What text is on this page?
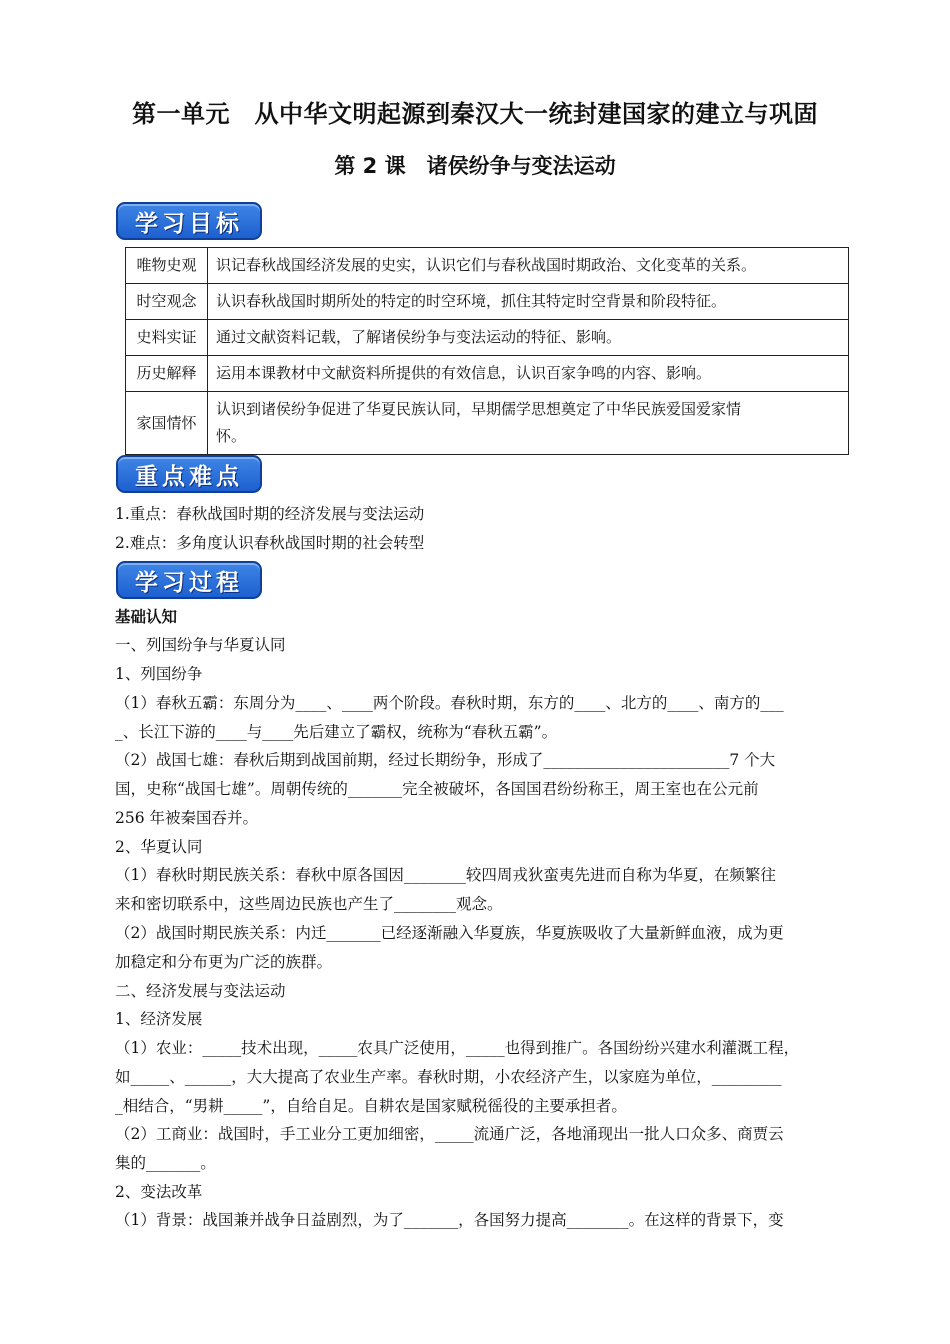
第一单元　从中华文明起源到秦汉大一统封建国家的建立与巩固
第 2 课　诸侯纷争与变法运动
学习目标
唯物史观	识记春秋战国经济发展的史实，认识它们与春秋战国时期政治、文化变革的关系。
时空观念	认识春秋战国时期所处的特定的时空环境，抓住其特定时空背景和阶段特征。
史料实证	通过文献资料记载，了解诸侯纷争与变法运动的特征、影响。
历史解释	运用本课教材中文献资料所提供的有效信息，认识百家争鸣的内容、影响。
家国情怀	认识到诸侯纷争促进了华夏民族认同，早期儒学思想奠定了中华民族爱国爱家情
怀。
重点难点
1.重点：春秋战国时期的经济发展与变法运动
2.难点：多角度认识春秋战国时期的社会转型
学习过程
基础认知
一、列国纷争与华夏认同
1、列国纷争
（1）春秋五霸：东周分为____、____两个阶段。春秋时期，东方的____、北方的____、南方的___
_、长江下游的____与____先后建立了霸权，统称为“春秋五霸”。
（2）战国七雄：春秋后期到战国前期，经过长期纷争，形成了________________________7 个大
国，史称“战国七雄”。周朝传统的_______完全被破坏，各国国君纷纷称王，周王室也在公元前
256 年被秦国吞并。
2、华夏认同
（1）春秋时期民族关系：春秋中原各国因________较四周戎狄蛮夷先进而自称为华夏，在频繁往
来和密切联系中，这些周边民族也产生了________观念。
（2）战国时期民族关系：内迁_______已经逐渐融入华夏族，华夏族吸收了大量新鲜血液，成为更
加稳定和分布更为广泛的族群。
二、经济发展与变法运动
1、经济发展
（1）农业：_____技术出现，_____农具广泛使用，_____也得到推广。各国纷纷兴建水利灌溉工程，
如_____、______，大大提高了农业生产率。春秋时期，小农经济产生，以家庭为单位，_________
_相结合，“男耕_____”，自给自足。自耕农是国家赋税徭役的主要承担者。
（2）工商业：战国时，手工业分工更加细密，_____流通广泛，各地涌现出一批人口众多、商贾云
集的_______。
2、变法改革
（1）背景：战国兼并战争日益剧烈，为了_______，各国努力提高________。在这样的背景下，变
